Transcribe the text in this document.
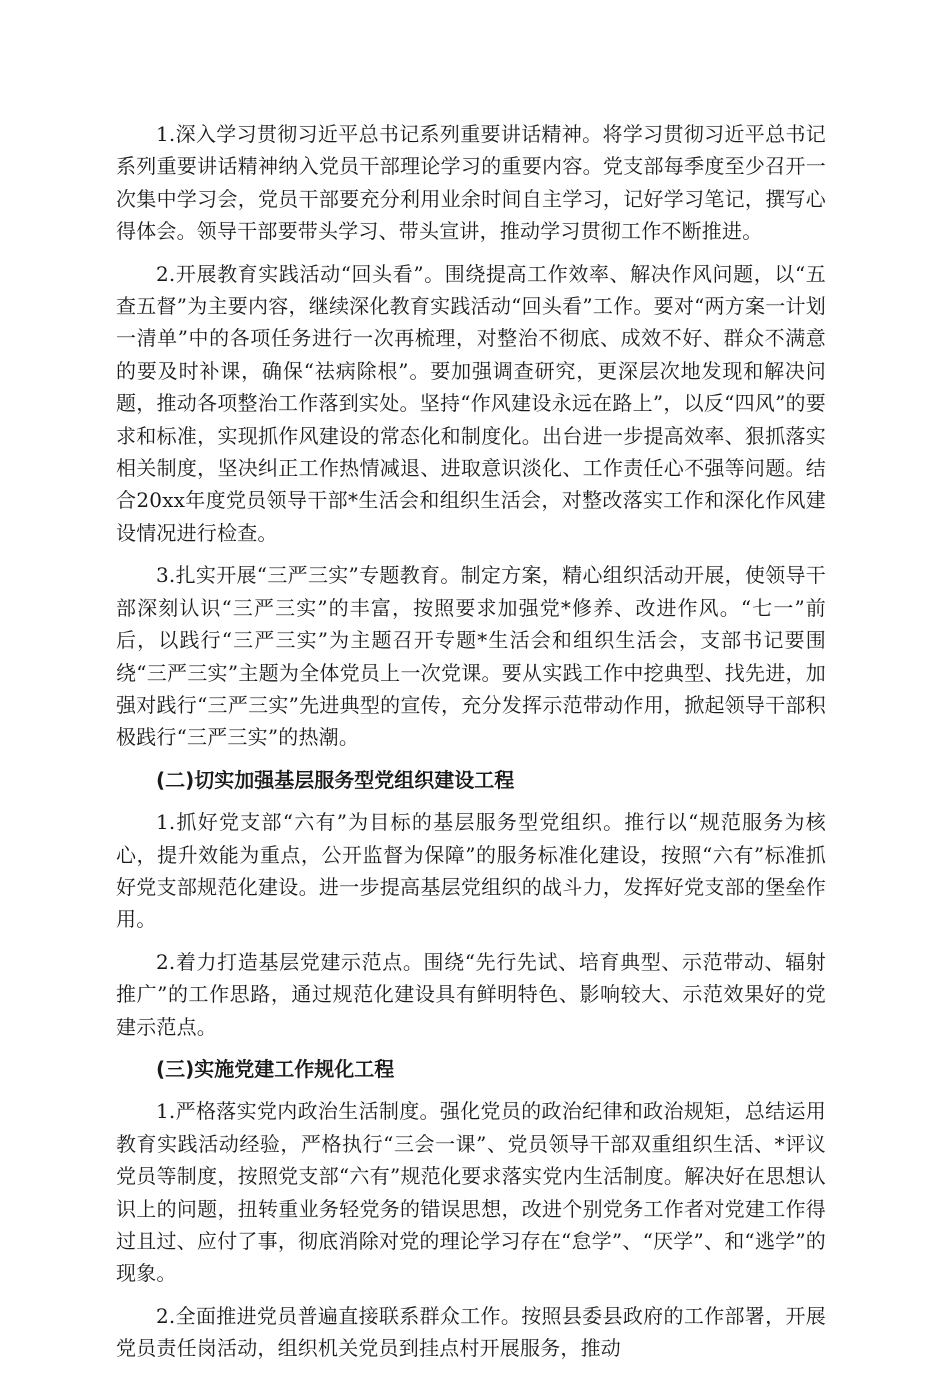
1.深入学习贯彻习近平总书记系列重要讲话精神。将学习贯彻习近平总书记系列重要讲话精神纳入党员干部理论学习的重要内容。党支部每季度至少召开一次集中学习会，党员干部要充分利用业余时间自主学习，记好学习笔记，撰写心得体会。领导干部要带头学习、带头宣讲，推动学习贯彻工作不断推进。

2.开展教育实践活动“回头看”。围绕提高工作效率、解决作风问题，以“五查五督”为主要内容，继续深化教育实践活动“回头看”工作。要对“两方案一计划一清单”中的各项任务进行一次再梳理，对整治不彻底、成效不好、群众不满意的要及时补课，确保“祛病除根”。要加强调查研究，更深层次地发现和解决问题，推动各项整治工作落到实处。坚持“作风建设永远在路上”，以反“四风”的要求和标准，实现抓作风建设的常态化和制度化。出台进一步提高效率、狠抓落实相关制度，坚决纠正工作热情减退、进取意识淡化、工作责任心不强等问题。结合20xx年度党员领导干部*生活会和组织生活会，对整改落实工作和深化作风建设情况进行检查。

3.扎实开展“三严三实”专题教育。制定方案，精心组织活动开展，使领导干部深刻认识“三严三实”的丰富，按照要求加强党*修养、改进作风。“七一”前后，以践行“三严三实”为主题召开专题*生活会和组织生活会，支部书记要围绕“三严三实”主题为全体党员上一次党课。要从实践工作中挖典型、找先进，加强对践行“三严三实”先进典型的宣传，充分发挥示范带动作用，掀起领导干部积极践行“三严三实”的热潮。

(二)切实加强基层服务型党组织建设工程

1.抓好党支部“六有”为目标的基层服务型党组织。推行以“规范服务为核心，提升效能为重点，公开监督为保障”的服务标准化建设，按照“六有”标准抓好党支部规范化建设。进一步提高基层党组织的战斗力，发挥好党支部的堡垒作用。

2.着力打造基层党建示范点。围绕“先行先试、培育典型、示范带动、辐射推广”的工作思路，通过规范化建设具有鲜明特色、影响较大、示范效果好的党建示范点。

(三)实施党建工作规化工程

1.严格落实党内政治生活制度。强化党员的政治纪律和政治规矩，总结运用教育实践活动经验，严格执行“三会一课”、党员领导干部双重组织生活、*评议党员等制度，按照党支部“六有”规范化要求落实党内生活制度。解决好在思想认识上的问题，扭转重业务轻党务的错误思想，改进个别党务工作者对党建工作得过且过、应付了事，彻底消除对党的理论学习存在“怠学”、“厌学”、和“逃学”的现象。

2.全面推进党员普遍直接联系群众工作。按照县委县政府的工作部署，开展党员责任岗活动，组织机关党员到挂点村开展服务，推动
